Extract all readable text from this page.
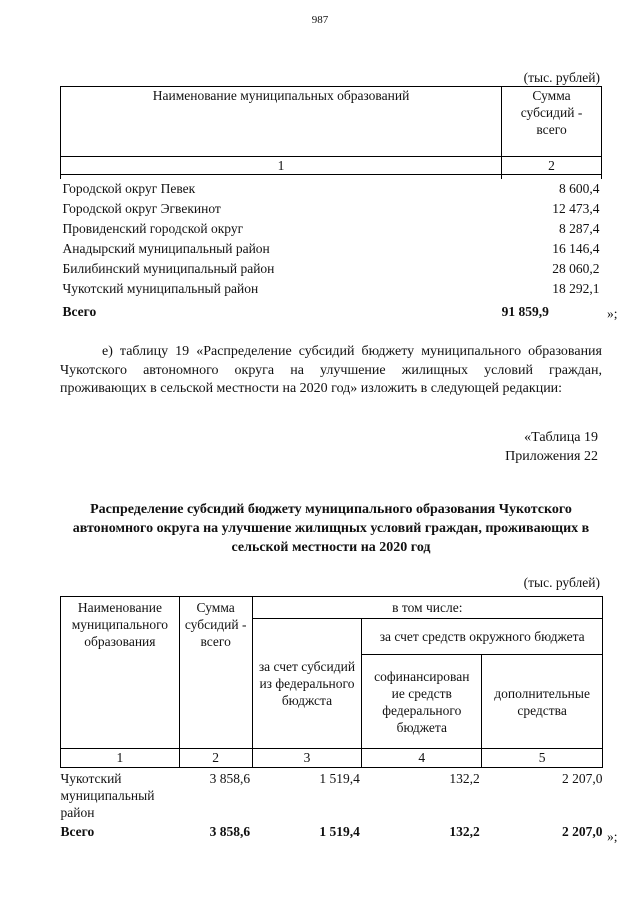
987
(тыс. рублей)
Наименование муниципальных образований	Сумма субсидий - всего
1	2

Городской округ Певек	8 600,4
Городской округ Эгвекинот	12 473,4
Провиденский городской округ	8 287,4
Анадырский муниципальный район	16 146,4
Билибинский муниципальный район	28 060,2
Чукотский муниципальный район	18 292,1
Всего	91 859,9	»;
е) таблицу 19 «Распределение субсидий бюджету муниципального образования Чукотского автономного округа на улучшение жилищных условий граждан, проживающих в сельской местности на 2020 год» изложить в следующей редакции:
«Таблица 19
Приложения 22
Распределение субсидий бюджету муниципального образования Чукотского автономного округа на улучшение жилищных условий граждан, проживающих в сельской местности на 2020 год
(тыс. рублей)
Наименование муниципального образования	Сумма субсидий - всего	в том числе:		
		за счет субсидий из федерального бюджста	за счет средств окружного бюджета	
			софинансирован ие средств федерального бюджета	дополнительные средства
1	2	3	4	5
Чукотский муниципальный район	3 858,6	1 519,4	132,2	2 207,0
Всего	3 858,6	1 519,4	132,2	2 207,0 »;
